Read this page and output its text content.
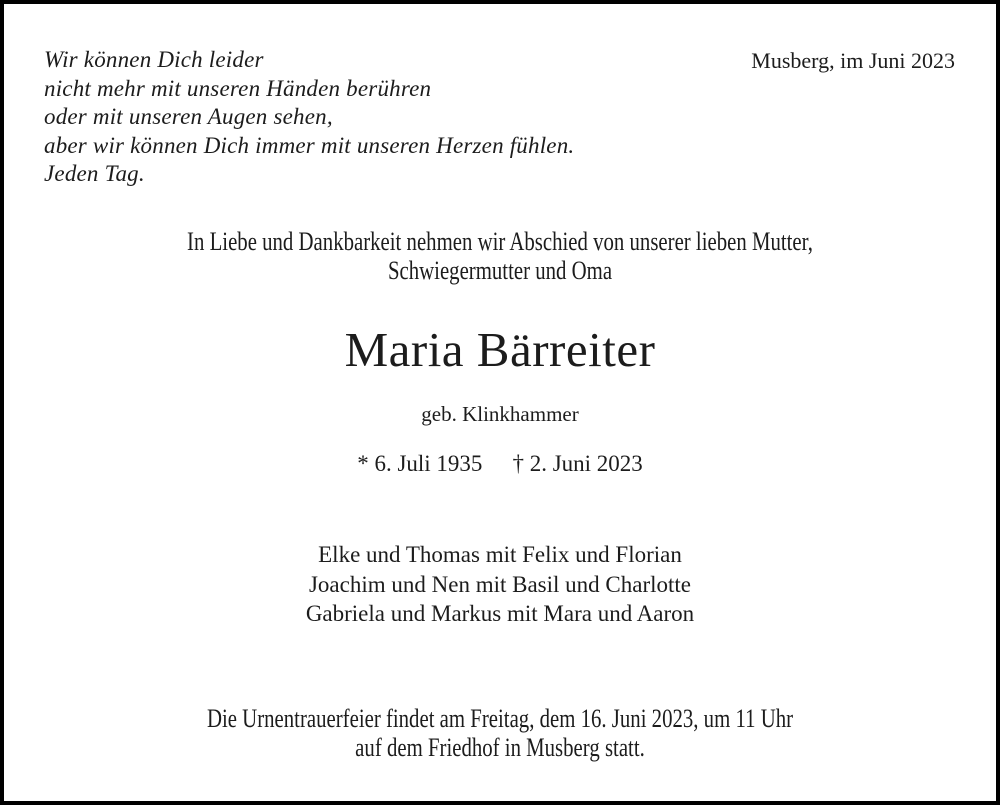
Wir können Dich leider
nicht mehr mit unseren Händen berühren
oder mit unseren Augen sehen,
aber wir können Dich immer mit unseren Herzen fühlen.
Jeden Tag.
Musberg, im Juni 2023
In Liebe und Dankbarkeit nehmen wir Abschied von unserer lieben Mutter,
Schwiegermutter und Oma
Maria Bärreiter
geb. Klinkhammer
* 6. Juli 1935 † 2. Juni 2023
Elke und Thomas mit Felix und Florian
Joachim und Nen mit Basil und Charlotte
Gabriela und Markus mit Mara und Aaron
Die Urnentrauerfeier findet am Freitag, dem 16. Juni 2023, um 11 Uhr
auf dem Friedhof in Musberg statt.
